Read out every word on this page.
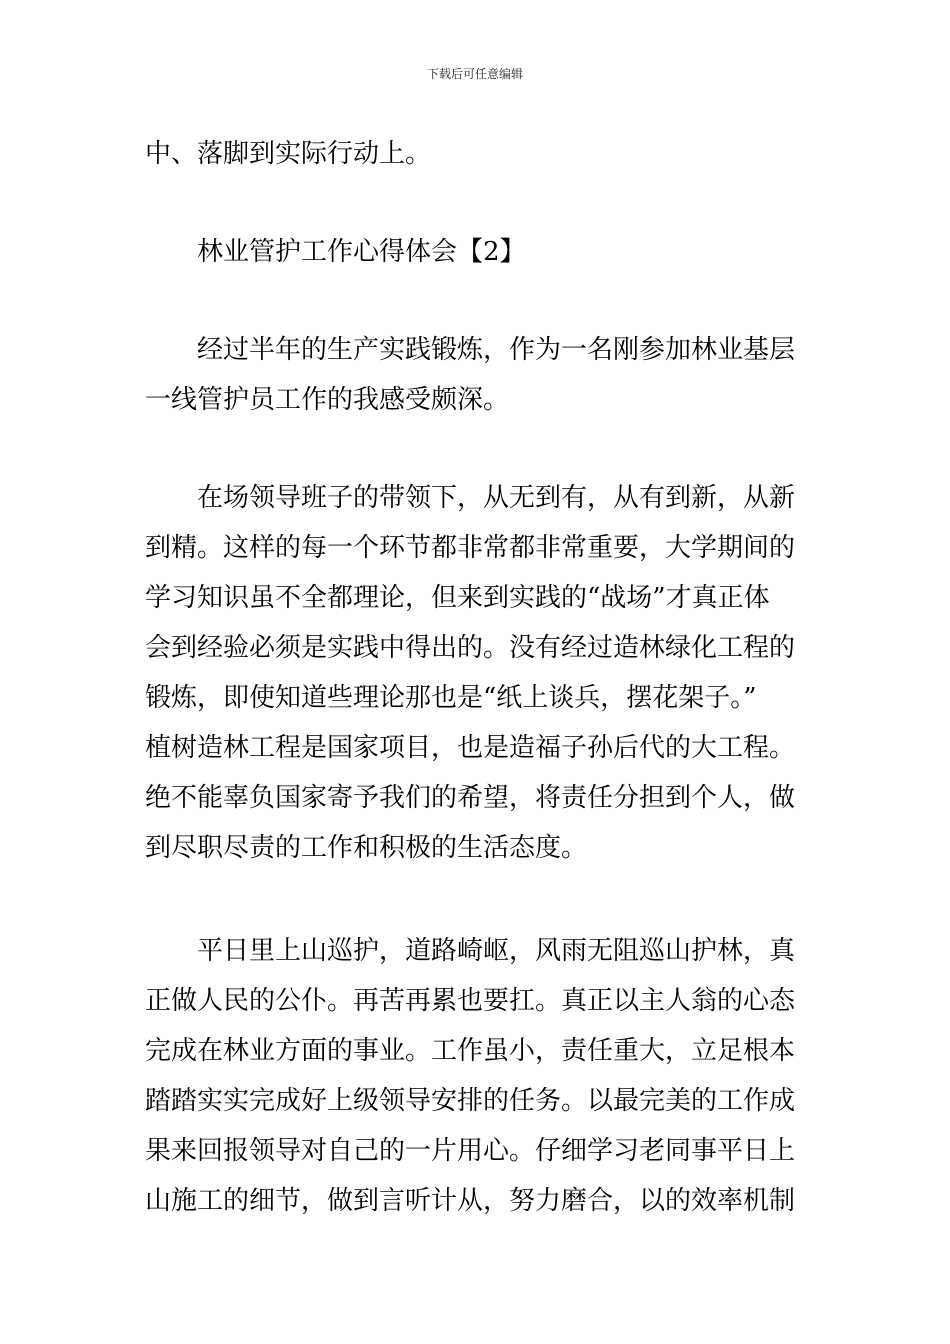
下载后可任意编辑
中、落脚到实际行动上。
林业管护工作心得体会【2】
经过半年的生产实践锻炼，作为一名刚参加林业基层
一线管护员工作的我感受颇深。
在场领导班子的带领下，从无到有，从有到新，从新
到精。这样的每一个环节都非常都非常重要，大学期间的
学习知识虽不全都理论，但来到实践的“战场”才真正体
会到经验必须是实践中得出的。没有经过造林绿化工程的
锻炼，即使知道些理论那也是“纸上谈兵，摆花架子。”
植树造林工程是国家项目，也是造福子孙后代的大工程。
绝不能辜负国家寄予我们的希望，将责任分担到个人，做
到尽职尽责的工作和积极的生活态度。
平日里上山巡护，道路崎岖，风雨无阻巡山护林，真
正做人民的公仆。再苦再累也要扛。真正以主人翁的心态
完成在林业方面的事业。工作虽小，责任重大，立足根本
踏踏实实完成好上级领导安排的任务。以最完美的工作成
果来回报领导对自己的一片用心。仔细学习老同事平日上
山施工的细节，做到言听计从，努力磨合，以的效率机制
